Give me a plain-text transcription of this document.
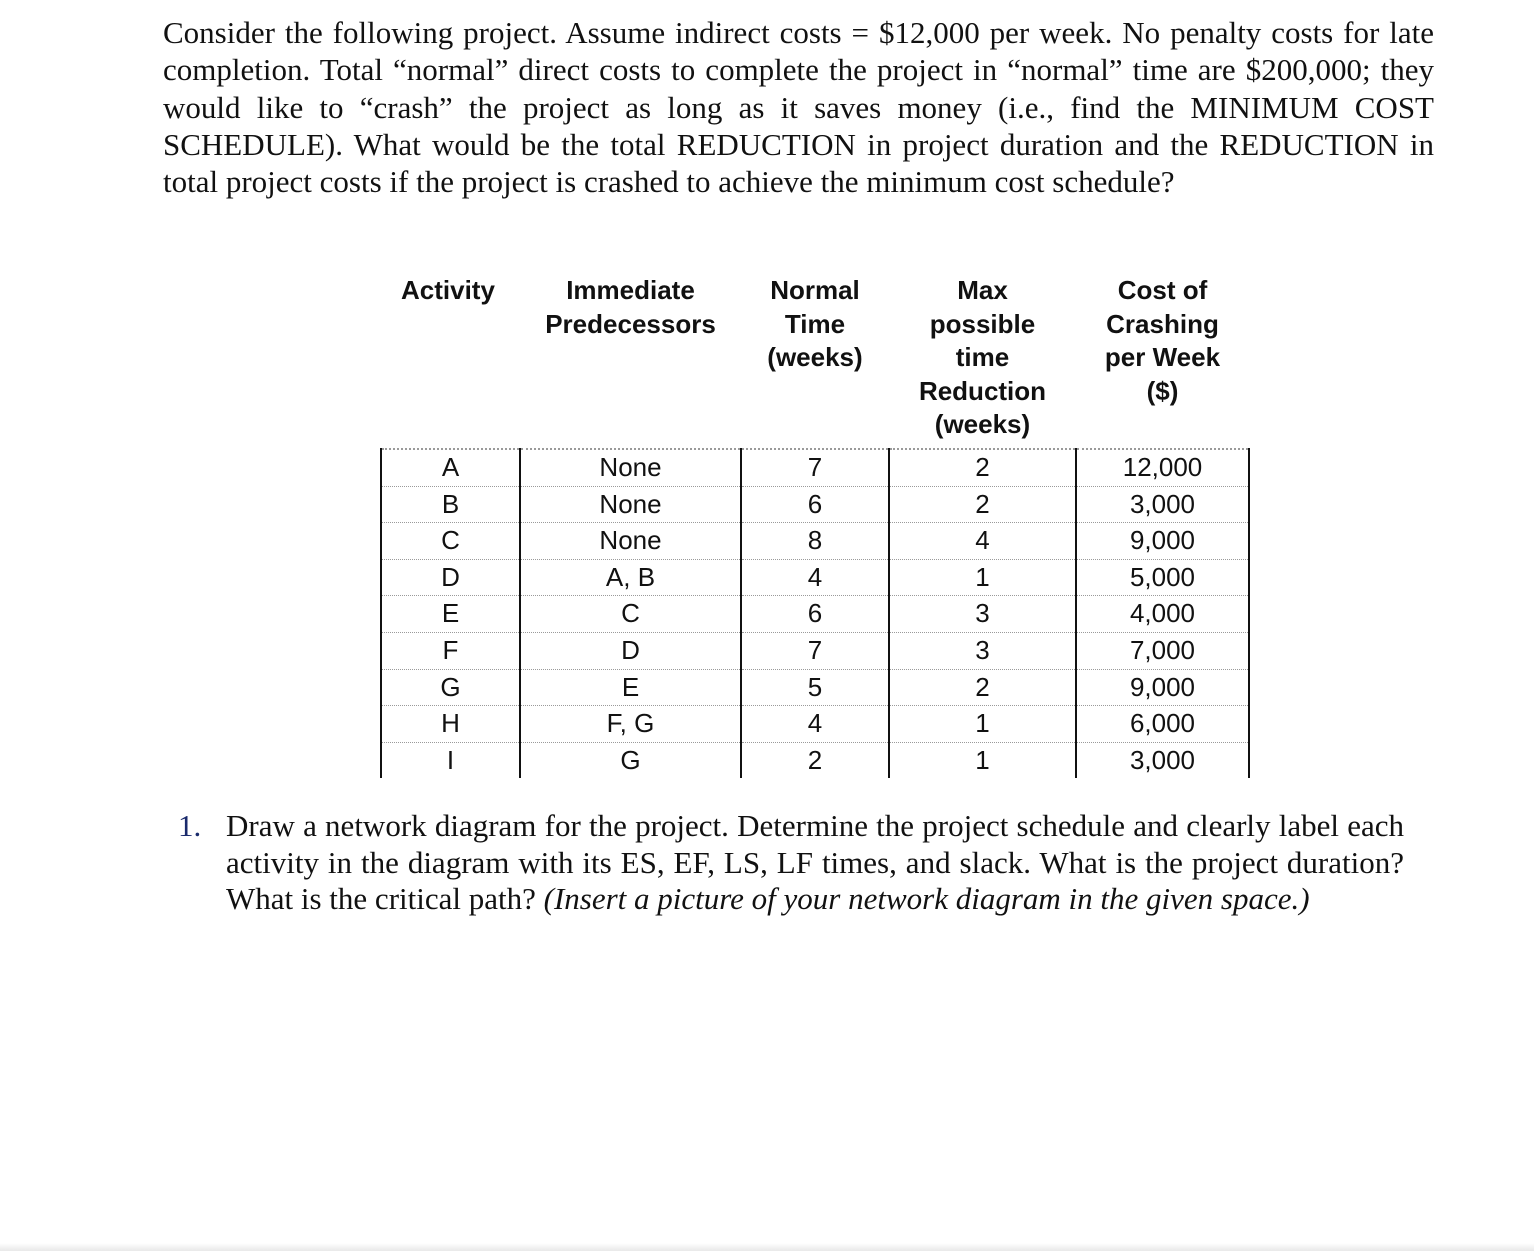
Consider the following project. Assume indirect costs = $12,000 per week. No penalty costs for late completion. Total “normal” direct costs to complete the project in “normal” time are $200,000; they would like to “crash” the project as long as it saves money (i.e., find the MINIMUM COST SCHEDULE). What would be the total REDUCTION in project duration and the REDUCTION in total project costs if the project is crashed to achieve the minimum cost schedule?

Activity	Immediate Predecessors	Normal Time (weeks)	Max possible time Reduction (weeks)	Cost of Crashing per Week ($)

A	None	7	2	12,000
B	None	6	2	3,000
C	None	8	4	9,000
D	A, B	4	1	5,000
E	C	6	3	4,000
F	D	7	3	7,000
G	E	5	2	9,000
H	F, G	4	1	6,000
I	G	2	1	3,000
1. Draw a network diagram for the project. Determine the project schedule and clearly label each activity in the diagram with its ES, EF, LS, LF times, and slack. What is the project duration? What is the critical path? (Insert a picture of your network diagram in the given space.)
